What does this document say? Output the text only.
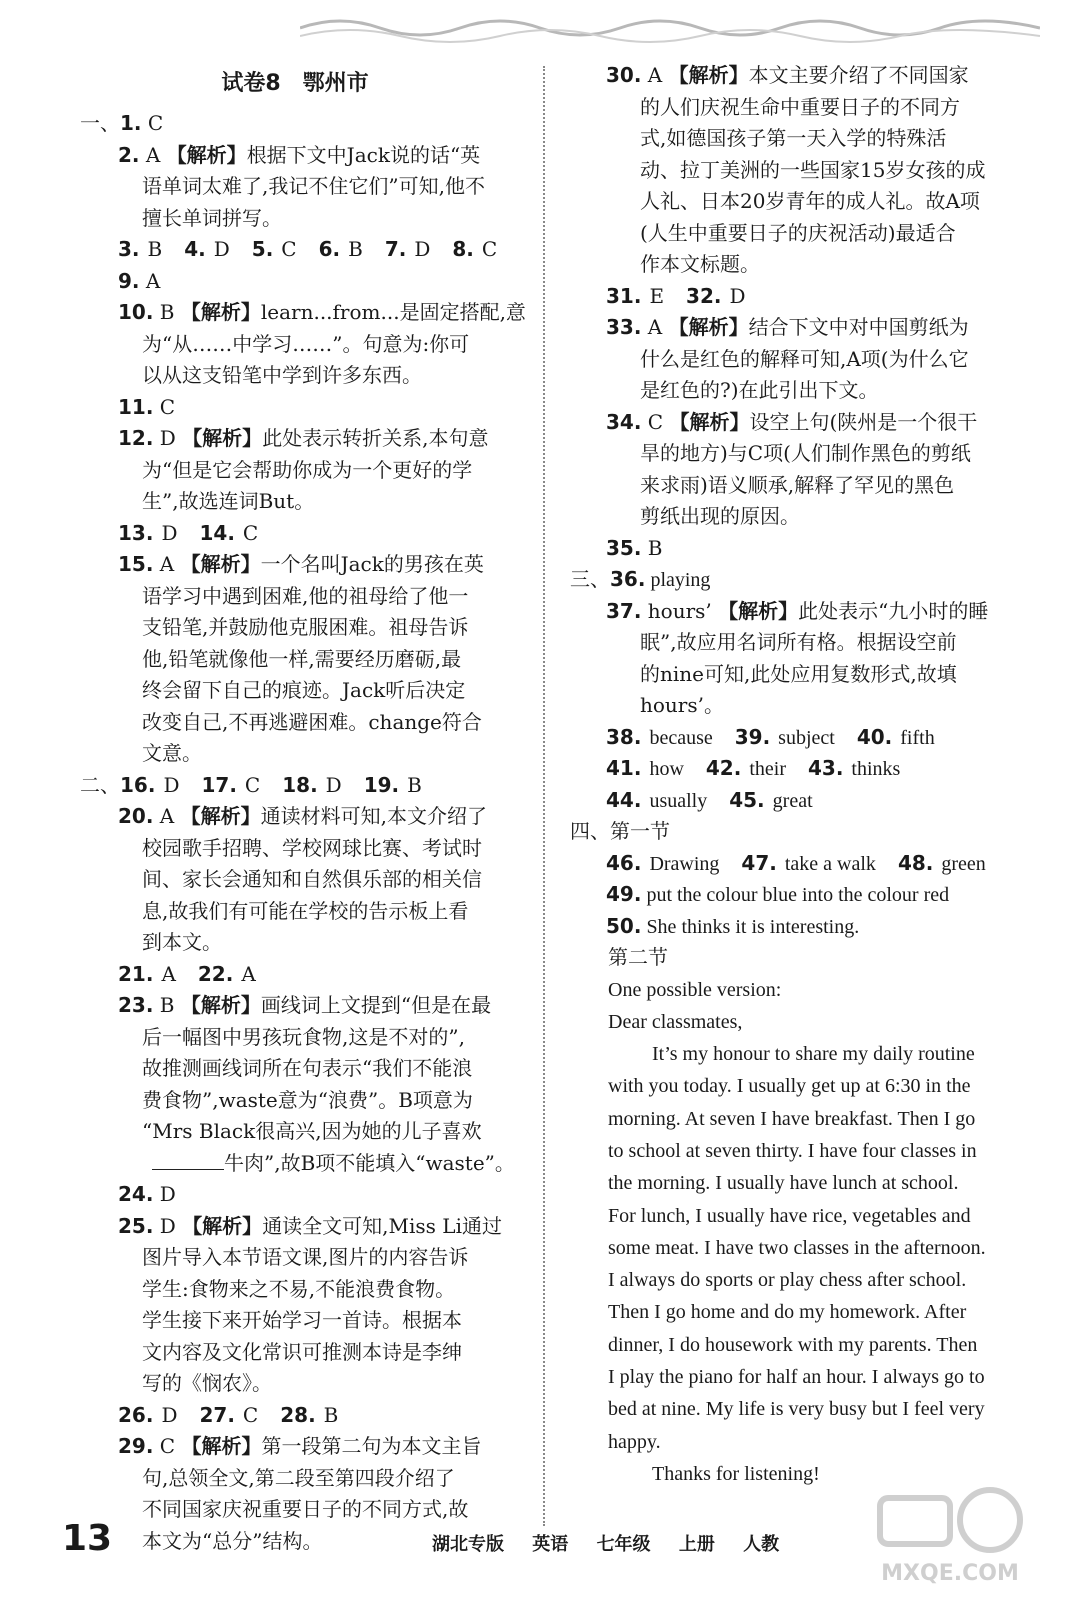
试卷8　鄂州市
一、1. C
2. A 【解析】根据下文中Jack说的话“英
语单词太难了,我记不住它们”可知,他不
擅长单词拼写。
3. B 4. D 5. C 6. B 7. D 8. C
9. A
10. B 【解析】learn...from...是固定搭配,意
为“从……中学习……”。句意为:你可
以从这支铅笔中学到许多东西。
11. C
12. D 【解析】此处表示转折关系,本句意
为“但是它会帮助你成为一个更好的学
生”,故选连词But。
13. D 14. C
15. A 【解析】一个名叫Jack的男孩在英
语学习中遇到困难,他的祖母给了他一
支铅笔,并鼓励他克服困难。祖母告诉
他,铅笔就像他一样,需要经历磨砺,最
终会留下自己的痕迹。Jack听后决定
改变自己,不再逃避困难。change符合
文意。
二、16. D 17. C 18. D 19. B
20. A 【解析】通读材料可知,本文介绍了
校园歌手招聘、学校网球比赛、考试时
间、家长会通知和自然俱乐部的相关信
息,故我们有可能在学校的告示板上看
到本文。
21. A 22. A
23. B 【解析】画线词上文提到“但是在最
后一幅图中男孩玩食物,这是不对的”,
故推测画线词所在句表示“我们不能浪
费食物”,waste意为“浪费”。B项意为
“Mrs Black很高兴,因为她的儿子喜欢
牛肉”,故B项不能填入“waste”。
24. D
25. D 【解析】通读全文可知,Miss Li通过
图片导入本节语文课,图片的内容告诉
学生:食物来之不易,不能浪费食物。
学生接下来开始学习一首诗。根据本
文内容及文化常识可推测本诗是李绅
写的《悯农》。
26. D 27. C 28. B
29. C 【解析】第一段第二句为本文主旨
句,总领全文,第二段至第四段介绍了
不同国家庆祝重要日子的不同方式,故
本文为“总分”结构。
30. A 【解析】本文主要介绍了不同国家
的人们庆祝生命中重要日子的不同方
式,如德国孩子第一天入学的特殊活
动、拉丁美洲的一些国家15岁女孩的成
人礼、日本20岁青年的成人礼。故A项
(人生中重要日子的庆祝活动)最适合
作本文标题。
31. E 32. D
33. A 【解析】结合下文中对中国剪纸为
什么是红色的解释可知,A项(为什么它
是红色的?)在此引出下文。
34. C 【解析】设空上句(陕州是一个很干
旱的地方)与C项(人们制作黑色的剪纸
来求雨)语义顺承,解释了罕见的黑色
剪纸出现的原因。
35. B
三、36. playing
37. hours’ 【解析】此处表示“九小时的睡
眠”,故应用名词所有格。根据设空前
的nine可知,此处应用复数形式,故填
hours’。
38. because 39. subject 40. fifth
41. how 42. their 43. thinks
44. usually 45. great
四、第一节
46. Drawing 47. take a walk 48. green
49. put the colour blue into the colour red
50. She thinks it is interesting.
第二节
One possible version:
Dear classmates,
It’s my honour to share my daily routine
with you today. I usually get up at 6:30 in the
morning. At seven I have breakfast. Then I go
to school at seven thirty. I have four classes in
the morning. I usually have lunch at school.
For lunch, I usually have rice, vegetables and
some meat. I have two classes in the afternoon.
I always do sports or play chess after school.
Then I go home and do my homework. After
dinner, I do housework with my parents. Then
I play the piano for half an hour. I always go to
bed at nine. My life is very busy but I feel very
happy.
Thanks for listening!
13	湖北专版 英语 七年级 上册 人教
MXQE.COM
